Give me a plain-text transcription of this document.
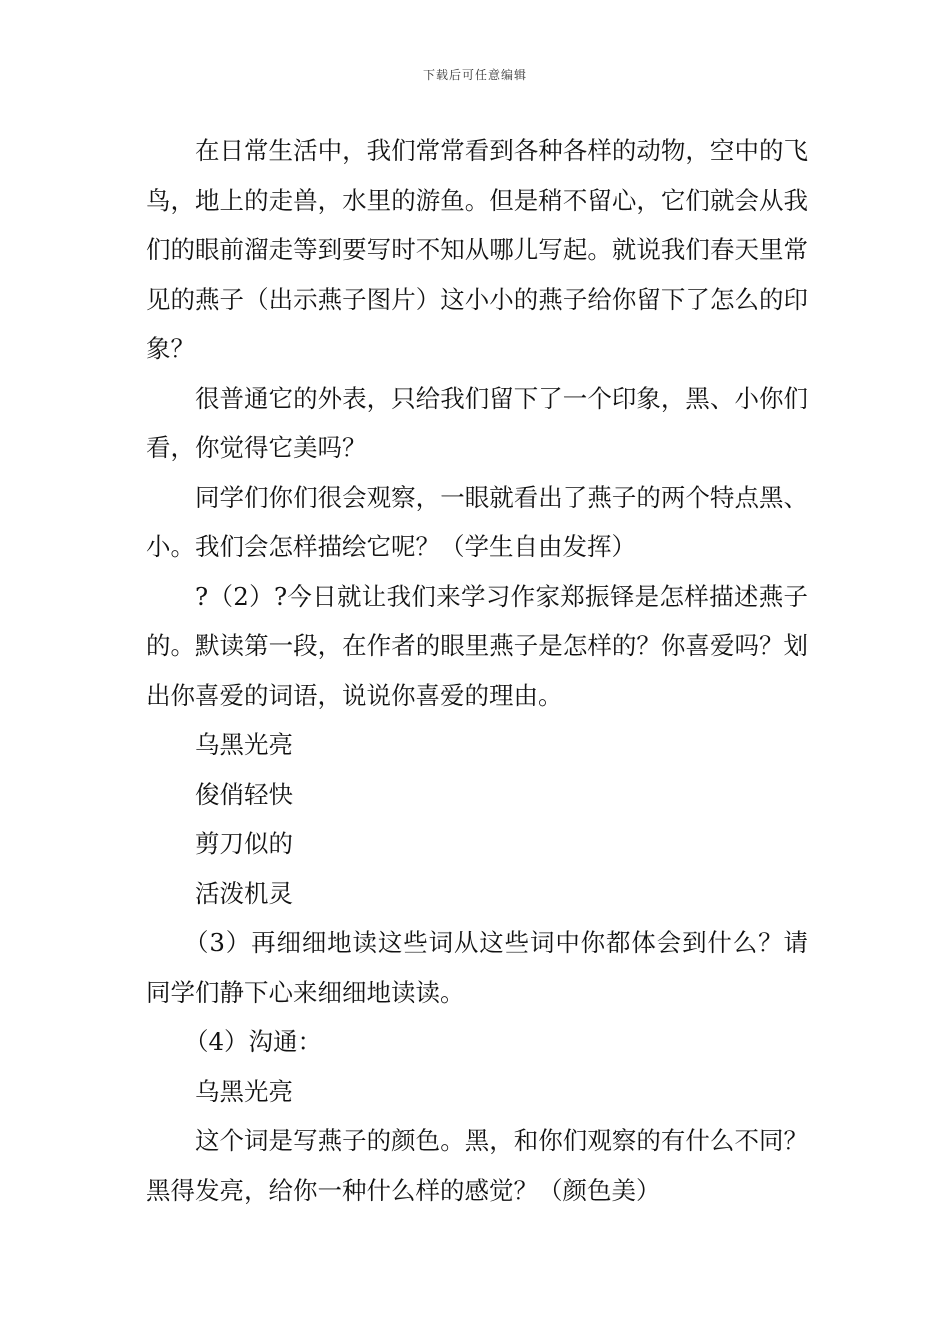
下载后可任意编辑

在日常生活中，我们常常看到各种各样的动物，空中的飞鸟，地上的走兽，水里的游鱼。但是稍不留心，它们就会从我们的眼前溜走等到要写时不知从哪儿写起。就说我们春天里常见的燕子（出示燕子图片）这小小的燕子给你留下了怎么的印象？

很普通它的外表，只给我们留下了一个印象，黑、小你们看，你觉得它美吗？

同学们你们很会观察，一眼就看出了燕子的两个特点黑、小。我们会怎样描绘它呢？（学生自由发挥）

?（2）?今日就让我们来学习作家郑振铎是怎样描述燕子的。默读第一段，在作者的眼里燕子是怎样的？你喜爱吗？划出你喜爱的词语，说说你喜爱的理由。

乌黑光亮

俊俏轻快

剪刀似的

活泼机灵

（3）再细细地读这些词从这些词中你都体会到什么？请同学们静下心来细细地读读。

（4）沟通：

乌黑光亮

这个词是写燕子的颜色。黑，和你们观察的有什么不同？黑得发亮，给你一种什么样的感觉？（颜色美）
